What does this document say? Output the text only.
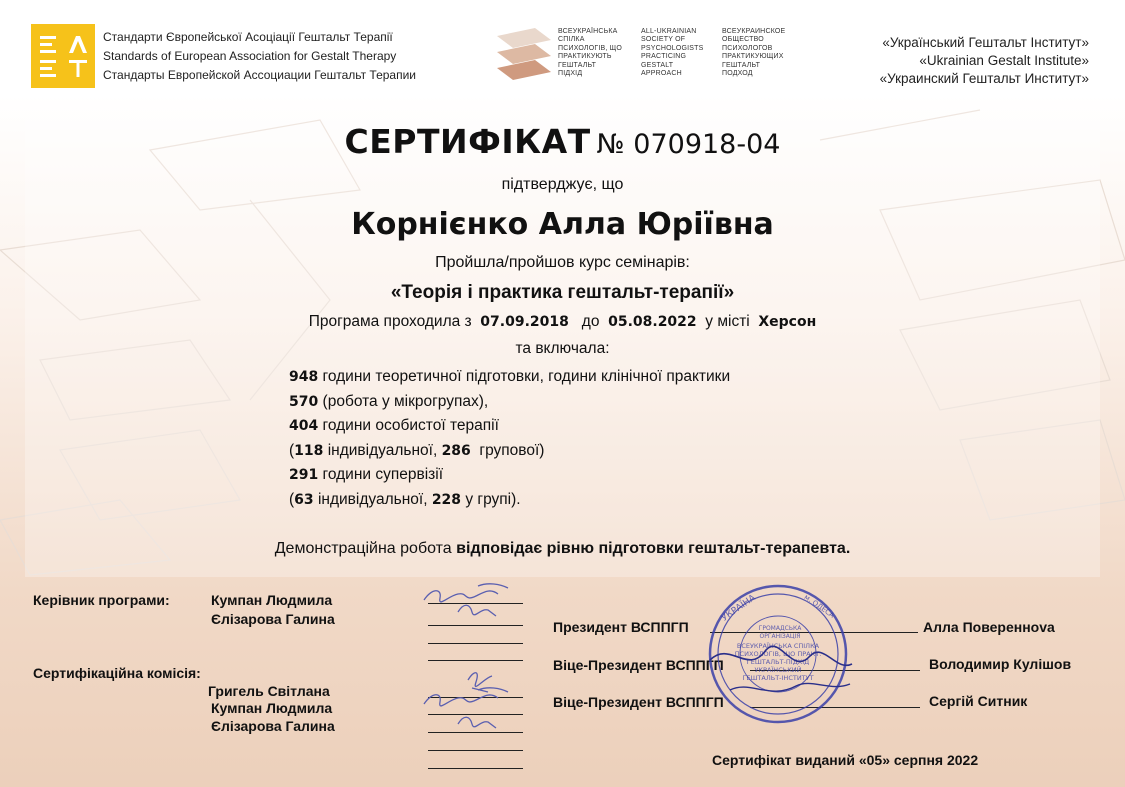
Стандарти Європейської Асоціації Гештальт Терапії
Standards of European Association for Gestalt Therapy
Стандарты Европейской Ассоциации Гештальт Терапии
ВСЕУКРАЇНСЬКА
СПІЛКА
ПСИХОЛОГІВ, ЩО
ПРАКТИКУЮТЬ
ГЕШТАЛЬТ
ПІДХІД
ALL-UKRAINIAN
SOCIETY OF
PSYCHOLOGISTS
PRACTICING
GESTALT
APPROACH
ВСЕУКРАИНСКОЕ
ОБЩЕСТВО
ПСИХОЛОГОВ
ПРАКТИКУЮЩИХ
ГЕШТАЛЬТ
ПОДХОД
«Український Гештальт Інститут»
«Ukrainian Gestalt Institute»
«Украинский Гештальт Институт»
СЕРТИФІКАТ № 070918-04
підтверджує, що
Корнієнко Алла Юріївна
Пройшла/пройшов курс семінарів:
«Теорія і практика гештальт-терапії»
Програма проходила з 07.09.2018 до 05.08.2022 у місті Херсон
та включала:
948 години теоретичної підготовки, години клінічної практики
570 (робота у мікрогрупах),
404 години особистої терапії
(118 індивідуальної, 286  групової)
291 години супервізії
(63 індивідуальної, 228 у групі).
Демонстраційна робота відповідає рівню підготовки гештальт-терапевта.
Керівник програми:	Кумпан Людмила
Єлізарова Галина
Сертифікаційна комісія:
Григель Світлана
Кумпан Людмила
Єлізарова Галина
Президент ВСППГП
Віце-Президент ВСППГП
Віце-Президент ВСППГП
Алла Поверенноva
Володимир Кулішов
Сергій Ситник
ГРОМАДСЬКА
ОРГАНІЗАЦІЯ
ВСЕУКРАЇНСЬКА СПІЛКА
ПСИХОЛОГІВ, ЩО ПРАКТ.
ГЕШТАЛЬТ-ПІДХІД
УКРАЇНСЬКИЙ
ГЕШТАЛЬТ-ІНСТИТУТ
УКРАЇНА	м. ОДЕСА
Сертифікат виданий «05» серпня 2022
